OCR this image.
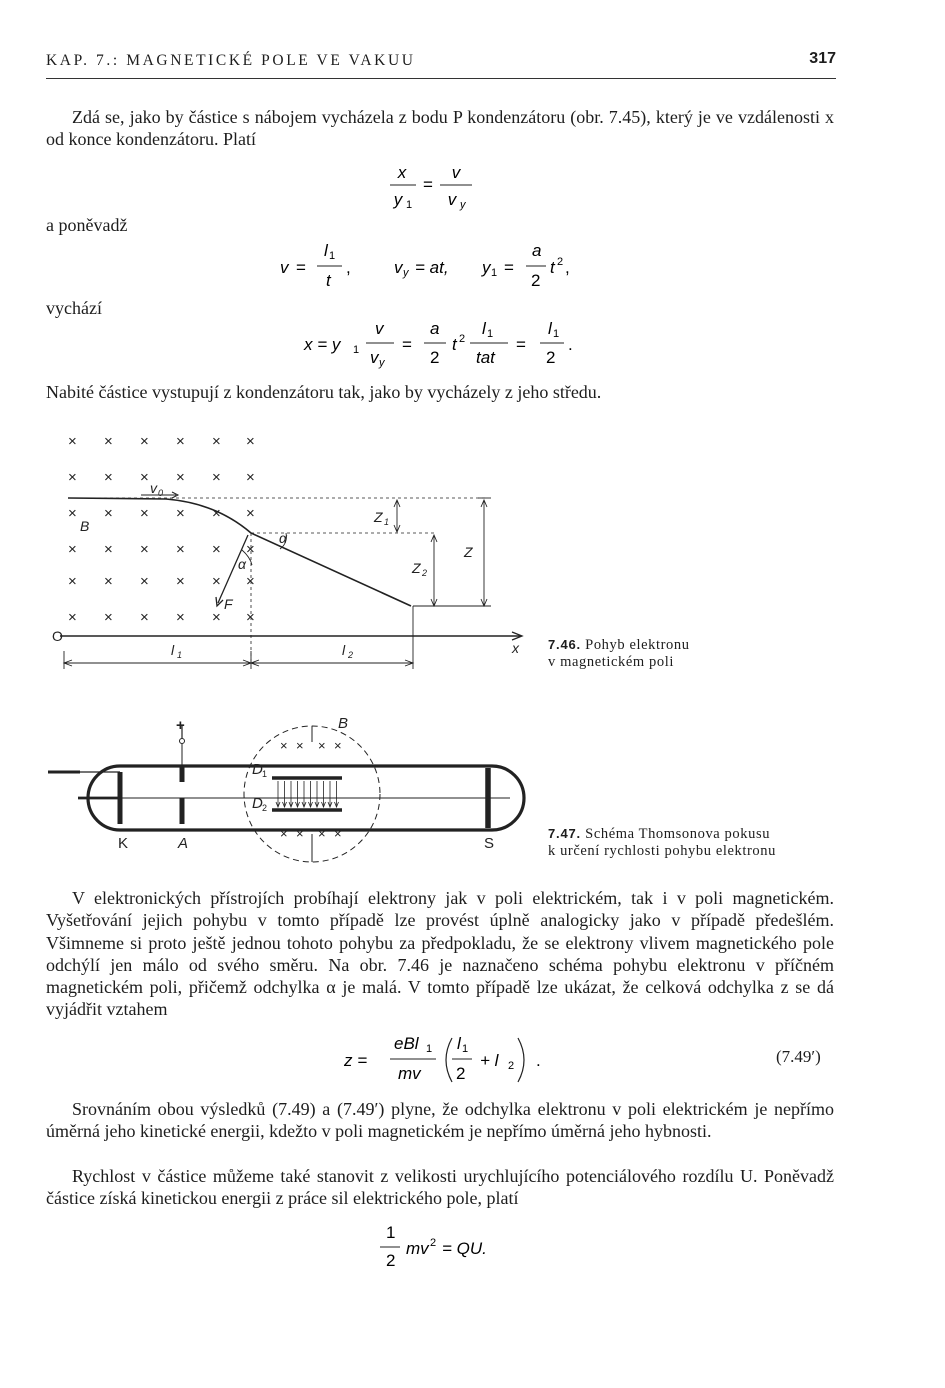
KAP. 7.: MAGNETICKÉ POLE VE VAKUU	317

Zdá se, jako by částice s nábojem vycházela z bodu P kondenzátoru (obr. 7.45), který je ve vzdálenosti x od konce kondenzátoru. Platí

x
y 1
=
v
v y
a poněvadž
v =
l 1
t
,	v y = at, y 1 =
a
2
t 2 ,
vychází
x = y 1
v
v y
=
a
2
t 2
l 1
tat
=
l 1
2
.

Nabité částice vystupují z kondenzátoru tak, jako by vycházely z jeho středu.

× × × × × ×
× × × × × ×
× × × × × ×
× × × × × ×
× × × × × ×
× × × × × ×
v 0
B
α
α
F
O
x
l 1	l 2
Z 1
Z 2
Z
7.46. Pohyb elektronu
v magnetickém poli
+
−
B
D 1
D 2
K	A	S
× × × ×
× × × ×	7.47. Schéma Thomsonova pokusu
k určení rychlosti pohybu elektronu

V elektronických přístrojích probíhají elektrony jak v poli elektrickém, tak i v poli magnetickém. Vyšetřování jejich pohybu v tomto případě lze provést úplně analogicky jako v případě předešlém. Všimneme si proto ještě jednou tohoto pohybu za předpokladu, že se elektrony vlivem magnetického pole odchýlí jen málo od svého směru. Na obr. 7.46 je naznačeno schéma pohybu elektronu v příčném magnetickém poli, přičemž odchylka α je malá. V tomto případě lze ukázat, že celková odchylka z se dá vyjádřit vztahem

z =
eBl 1
mv
l 1
2
+ l 2 .	(7.49′)

Srovnáním obou výsledků (7.49) a (7.49′) plyne, že odchylka elektronu v poli elektrickém je nepřímo úměrná jeho kinetické energii, kdežto v poli magnetickém je nepřímo úměrná jeho hybnosti.

Rychlost v částice můžeme také stanovit z velikosti urychlujícího potenciálového rozdílu U. Poněvadž částice získá kinetickou energii z práce sil elektrického pole, platí

1
2
mv 2 = QU.
